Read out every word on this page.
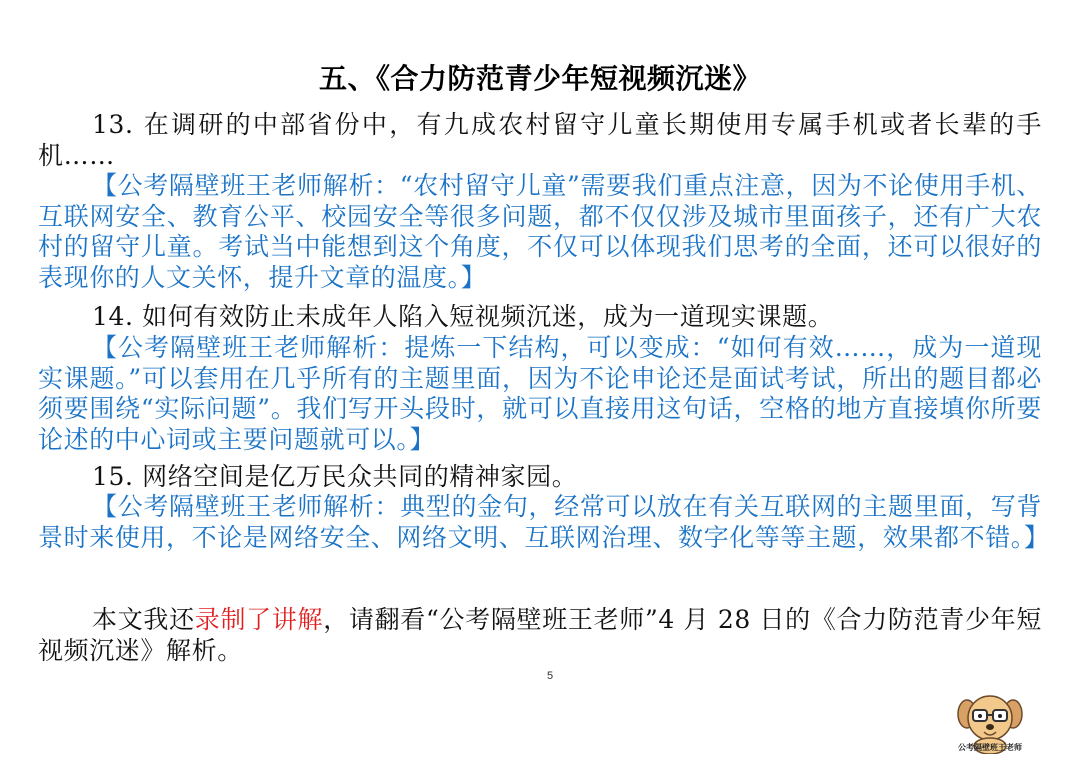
五、《合力防范青少年短视频沉迷》
13. 在调研的中部省份中，有九成农村留守儿童长期使用专属手机或者长辈的手机……
【公考隔壁班王老师解析：“农村留守儿童”需要我们重点注意，因为不论使用手机、互联网安全、教育公平、校园安全等很多问题，都不仅仅涉及城市里面孩子，还有广大农村的留守儿童。考试当中能想到这个角度，不仅可以体现我们思考的全面，还可以很好的表现你的人文关怀，提升文章的温度。】
14. 如何有效防止未成年人陷入短视频沉迷，成为一道现实课题。
【公考隔壁班王老师解析：提炼一下结构，可以变成：“如何有效……，成为一道现实课题。”可以套用在几乎所有的主题里面，因为不论申论还是面试考试，所出的题目都必须要围绕“实际问题”。我们写开头段时，就可以直接用这句话，空格的地方直接填你所要论述的中心词或主要问题就可以。】
15. 网络空间是亿万民众共同的精神家园。
【公考隔壁班王老师解析：典型的金句，经常可以放在有关互联网的主题里面，写背景时来使用，不论是网络安全、网络文明、互联网治理、数字化等等主题，效果都不错。】
本文我还录制了讲解，请翻看“公考隔壁班王老师”4 月 28 日的《合力防范青少年短视频沉迷》解析。
5
公考隔壁班王老师
